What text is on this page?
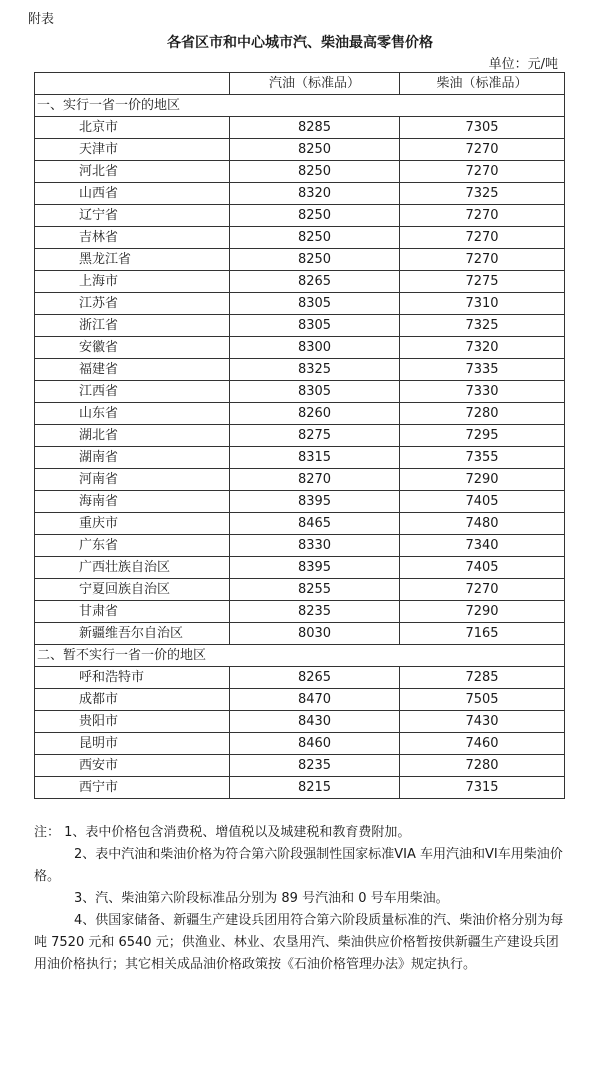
附表
各省区市和中心城市汽、柴油最高零售价格
单位：元/吨
	汽油（标准品）	柴油（标准品）
一、实行一省一价的地区		
北京市	8285	7305
天津市	8250	7270
河北省	8250	7270
山西省	8320	7325
辽宁省	8250	7270
吉林省	8250	7270
黑龙江省	8250	7270
上海市	8265	7275
江苏省	8305	7310
浙江省	8305	7325
安徽省	8300	7320
福建省	8325	7335
江西省	8305	7330
山东省	8260	7280
湖北省	8275	7295
湖南省	8315	7355
河南省	8270	7290
海南省	8395	7405
重庆市	8465	7480
广东省	8330	7340
广西壮族自治区	8395	7405
宁夏回族自治区	8255	7270
甘肃省	8235	7290
新疆维吾尔自治区	8030	7165
二、暂不实行一省一价的地区		
呼和浩特市	8265	7285
成都市	8470	7505
贵阳市	8430	7430
昆明市	8460	7460
西安市	8235	7280
西宁市	8215	7315

注： 1、表中价格包含消费税、增值税以及城建税和教育费附加。

2、表中汽油和柴油价格为符合第六阶段强制性国家标准VIA 车用汽油和VI车用柴油价格。

3、汽、柴油第六阶段标准品分别为 89 号汽油和 0 号车用柴油。

4、供国家储备、新疆生产建设兵团用符合第六阶段质量标准的汽、柴油价格分别为每吨 7520 元和 6540 元；供渔业、林业、农垦用汽、柴油供应价格暂按供新疆生产建设兵团用油价格执行；其它相关成品油价格政策按《石油价格管理办法》规定执行。
